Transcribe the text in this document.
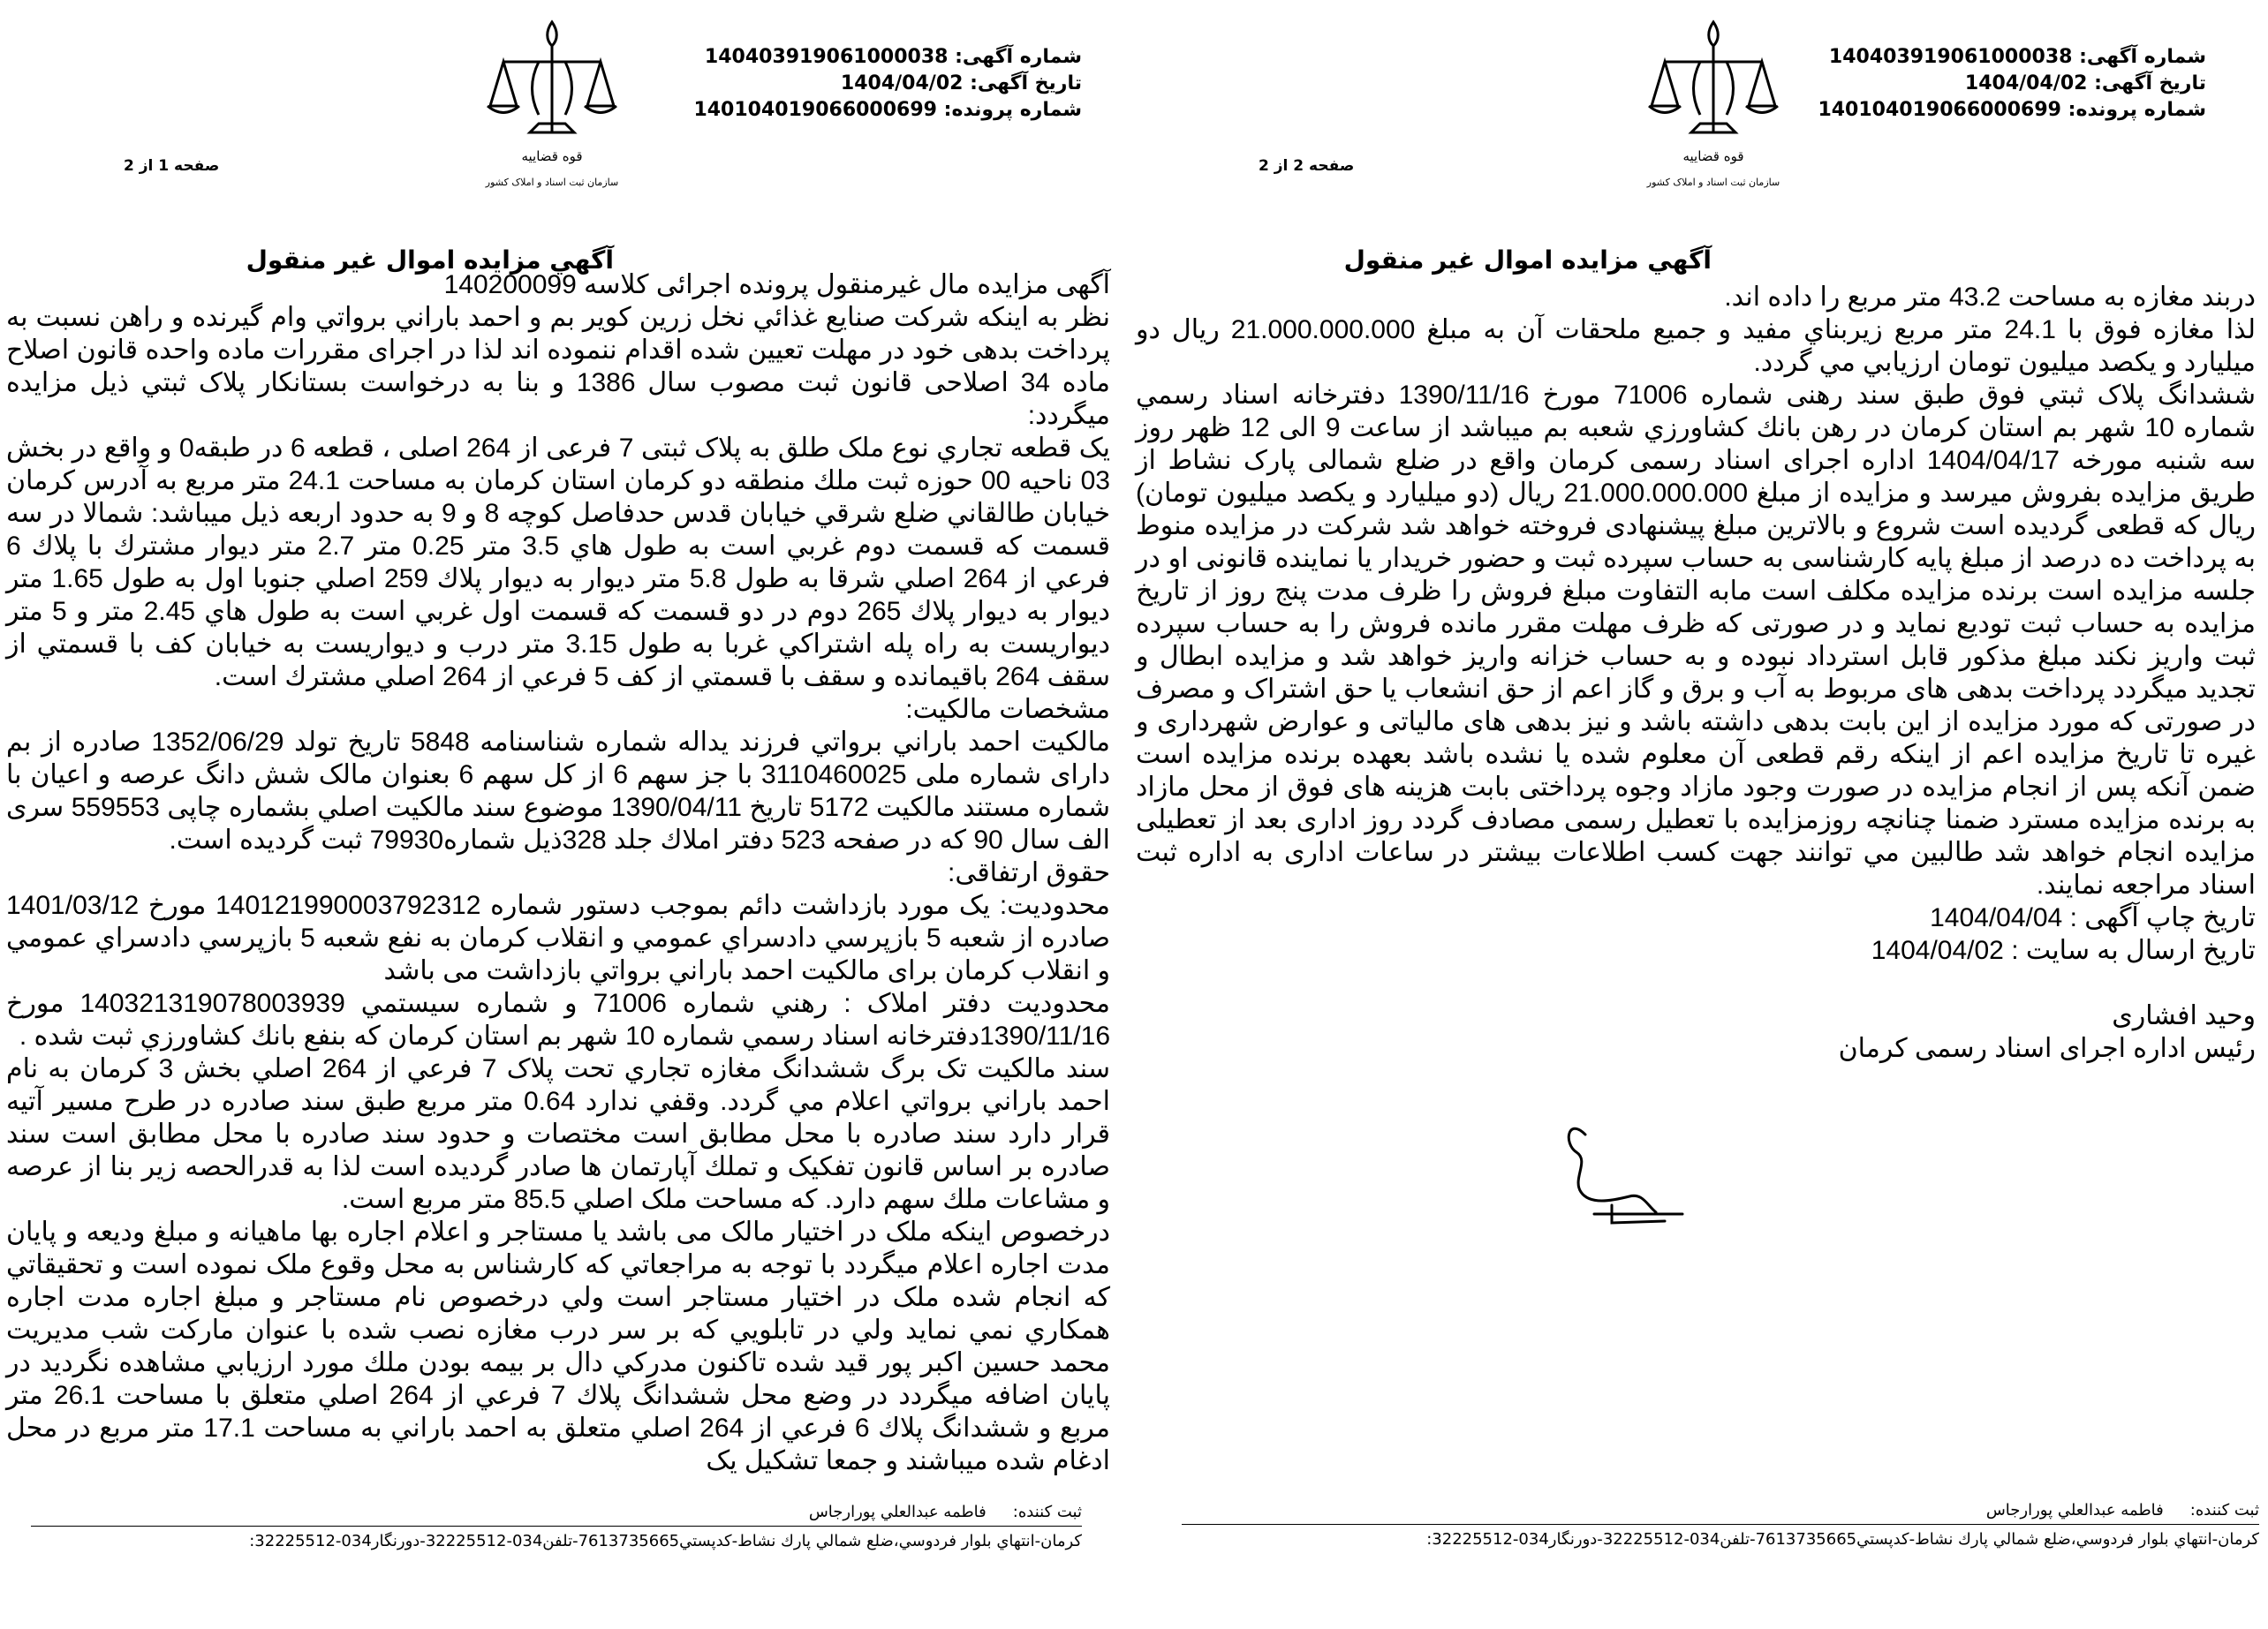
شماره آگهی: 140403919061000038
تاریخ آگهی: 1404/04/02
شماره پرونده: 140104019066000699
قوه قضاییه
سازمان ثبت اسناد و املاک کشور
صفحه 2 از 2
آگهي مزايده اموال غير منقول

دربند مغازه به مساحت 43.2 متر مربع را داده اند.

لذا مغازه فوق با 24.1 متر مربع زيربناي مفيد و جميع ملحقات آن به مبلغ 21.000.000.000 ريال دو ميليارد و يكصد ميليون تومان ارزيابي مي گردد.

ششدانگ پلاک ثبتي فوق طبق سند رهنی شماره 71006 مورخ 1390/11/16 دفترخانه اسناد رسمي شماره 10 شهر بم استان کرمان در رهن بانك كشاورزي شعبه بم ميباشد از ساعت 9 الی 12 ظهر روز سه شنبه مورخه 1404/04/17 اداره اجرای اسناد رسمی کرمان واقع در ضلع شمالی پارک نشاط از طريق مزايده بفروش ميرسد و مزايده از مبلغ 21.000.000.000 ريال (دو ميليارد و يكصد ميليون تومان) ريال که قطعی گرديده است شروع و بالاترين مبلغ پيشنهادی فروخته خواهد شد شرکت در مزايده منوط به پرداخت ده درصد از مبلغ پايه کارشناسی به حساب سپرده ثبت و حضور خريدار يا نماينده قانونی او در جلسه مزايده است برنده مزايده مکلف است مابه التفاوت مبلغ فروش را ظرف مدت پنج روز از تاريخ مزايده به حساب ثبت توديع نمايد و در صورتی که ظرف مهلت مقرر مانده فروش را به حساب سپرده ثبت واريز نکند مبلغ مذکور قابل استرداد نبوده و به حساب خزانه واريز خواهد شد و مزايده ابطال و تجديد ميگردد پرداخت بدهی های مربوط به آب و برق و گاز اعم از حق انشعاب يا حق اشتراک و مصرف در صورتی که مورد مزايده از اين بابت بدهی داشته باشد و نيز بدهی های مالياتی و عوارض شهرداری و غيره تا تاريخ مزايده اعم از اينکه رقم قطعی آن معلوم شده يا نشده باشد بعهده برنده مزايده است ضمن آنكه پس از انجام مزايده در صورت وجود مازاد وجوه پرداختی بابت هزينه های فوق از محل مازاد به برنده مزايده مسترد ضمنا چنانچه روزمزايده با تعطيل رسمی مصادف گردد روز اداری بعد از تعطيلی مزايده انجام خواهد شد طالبين مي توانند جهت كسب اطلاعات بيشتر در ساعات اداری به اداره ثبت اسناد مراجعه نمايند.

تاريخ چاپ آگهی : 1404/04/04

تاريخ ارسال به سايت : 1404/04/02

وحيد افشاری

رئيس اداره اجرای اسناد رسمی كرمان

ثبت كننده:
فاطمه عبدالعلي پورارجاس
كرمان-انتهاي بلوار فردوسي،ضلع شمالي پارك نشاط-كدپستي7613735665-تلفن034-32225512-دورنگار034-32225512:
شماره آگهی: 140403919061000038
تاریخ آگهی: 1404/04/02
شماره پرونده: 140104019066000699
قوه قضاییه
سازمان ثبت اسناد و املاک کشور
صفحه 1 از 2
آگهي مزايده اموال غير منقول

آگهی مزايده مال غيرمنقول پرونده اجرائی كلاسه 140200099

نظر به اينكه شركت صنايع غذائي نخل زرين كوير بم و احمد باراني برواتي وام گيرنده و راهن نسبت به پرداخت بدهی خود در مهلت تعيين شده اقدام ننموده اند لذا در اجرای مقررات ماده واحده قانون اصلاح ماده 34 اصلاحی قانون ثبت مصوب سال 1386 و بنا به درخواست بستانکار پلاک ثبتي ذيل مزايده ميگردد:

يک قطعه تجاري نوع ملک طلق به پلاک ثبتی 7 فرعی از 264 اصلی ، قطعه 6 در طبقه0 و واقع در بخش 03 ناحيه 00 حوزه ثبت ملك منطقه دو کرمان استان کرمان به مساحت 24.1 متر مربع به آدرس كرمان خيابان طالقاني ضلع شرقي خيابان قدس حدفاصل کوچه 8 و 9 به حدود اربعه ذيل ميباشد: شمالا در سه قسمت كه قسمت دوم غربي است به طول هاي 3.5 متر 0.25 متر 2.7 متر ديوار مشترك با پلاك 6 فرعي از 264 اصلي شرقا به طول 5.8 متر ديوار به ديوار پلاك 259 اصلي جنوبا اول به طول 1.65 متر ديوار به ديوار پلاك 265 دوم در دو قسمت كه قسمت اول غربي است به طول هاي 2.45 متر و 5 متر ديواريست به راه پله اشتراكي غربا به طول 3.15 متر درب و ديواريست به خيابان كف با قسمتي از سقف 264 باقيمانده و سقف با قسمتي از كف 5 فرعي از 264 اصلي مشترك است.

مشخصات مالكيت:

مالكيت احمد باراني برواتي فرزند يداله شماره شناسنامه 5848 تاريخ تولد 1352/06/29 صادره از بم دارای شماره ملی 3110460025 با جز سهم 6 از کل سهم 6 بعنوان مالک شش دانگ عرصه و اعيان با شماره مستند مالکيت 5172 تاريخ 1390/04/11 موضوع سند مالکيت اصلي بشماره چاپی 559553 سری الف سال 90 كه در صفحه 523 دفتر املاك جلد 328ذيل شماره79930 ثبت گرديده است.

حقوق ارتفاقی:

محدوديت: يک مورد بازداشت دائم بموجب دستور شماره 140121990003792312 مورخ 1401/03/12 صادره از شعبه 5 بازپرسي دادسراي عمومي و انقلاب كرمان به نفع شعبه 5 بازپرسي دادسراي عمومي و انقلاب كرمان برای مالكيت احمد باراني برواتي بازداشت می باشد

محدوديت دفتر املاک : رهني شماره 71006 و شماره سيستمي 140321319078003939 مورخ 1390/11/16دفترخانه اسناد رسمي شماره 10 شهر بم استان كرمان كه بنفع بانك كشاورزي ثبت شده .

سند مالكيت تک برگ ششدانگ مغازه تجاري تحت پلاک 7 فرعي از 264 اصلي بخش 3 كرمان به نام احمد باراني برواتي اعلام مي گردد. وقفي ندارد 0.64 متر مربع طبق سند صادره در طرح مسير آتيه قرار دارد سند صادره با محل مطابق است مختصات و حدود سند صادره با محل مطابق است سند صادره بر اساس قانون تفكيک و تملك آپارتمان ها صادر گرديده است لذا به قدرالحصه زير بنا از عرصه و مشاعات ملك سهم دارد. كه مساحت ملک اصلي 85.5 متر مربع است.

درخصوص اينكه ملک در اختيار مالک می باشد يا مستاجر و اعلام اجاره بها ماهيانه و مبلغ وديعه و پايان مدت اجاره اعلام ميگردد با توجه به مراجعاتي كه كارشناس به محل وقوع ملک نموده است و تحقيقاتي كه انجام شده ملک در اختيار مستاجر است ولي درخصوص نام مستاجر و مبلغ اجاره مدت اجاره همكاري نمي نمايد ولي در تابلويي كه بر سر درب مغازه نصب شده با عنوان ماركت شب مديريت محمد حسين اكبر پور قيد شده تاكنون مدركي دال بر بيمه بودن ملك مورد ارزيابي مشاهده نگرديد در پايان اضافه ميگردد در وضع محل ششدانگ پلاك 7 فرعي از 264 اصلي متعلق با مساحت 26.1 متر مربع و ششدانگ پلاك 6 فرعي از 264 اصلي متعلق به احمد باراني به مساحت 17.1 متر مربع در محل ادغام شده ميباشند و جمعا تشكيل يک

ثبت كننده:
فاطمه عبدالعلي پورارجاس
كرمان-انتهاي بلوار فردوسي،ضلع شمالي پارك نشاط-كدپستي7613735665-تلفن034-32225512-دورنگار034-32225512:
